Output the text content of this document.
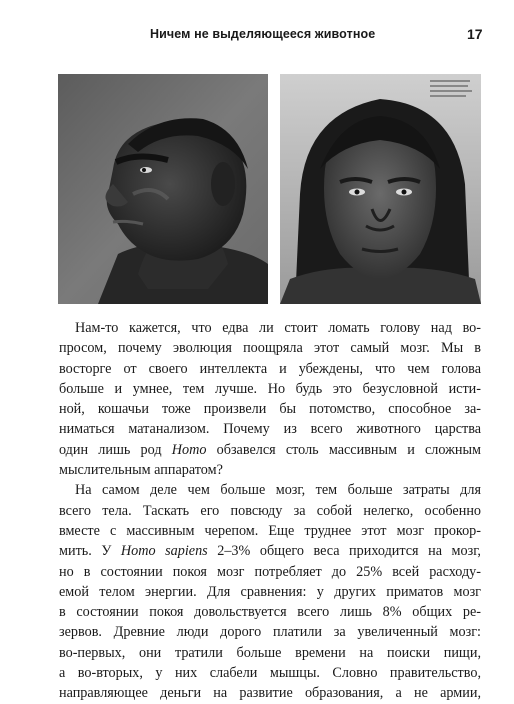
Ничем не выделяющееся животное	17
Нам-то кажется, что едва ли стоит ломать голову над во-
просом, почему эволюция поощряла этот самый мозг. Мы в
восторге от своего интеллекта и убеждены, что чем голова
больше и умнее, тем лучше. Но будь это безусловной исти-
ной, кошачьи тоже произвели бы потомство, способное за-
ниматься матанализом. Почему из всего животного царства
один лишь род Homo обзавелся столь массивным и сложным
мыслительным аппаратом?
На самом деле чем больше мозг, тем больше затраты для
всего тела. Таскать его повсюду за собой нелегко, особенно
вместе с массивным черепом. Еще труднее этот мозг прокор-
мить. У Homo sapiens 2–3% общего веса приходится на мозг,
но в состоянии покоя мозг потребляет до 25% всей расходу-
емой телом энергии. Для сравнения: у других приматов мозг
в состоянии покоя довольствуется всего лишь 8% общих ре-
зервов. Древние люди дорого платили за увеличенный мозг:
во-первых, они тратили больше времени на поиски пищи,
а во-вторых, у них слабели мышцы. Словно правительство,
направляющее деньги на развитие образования, а не армии,
